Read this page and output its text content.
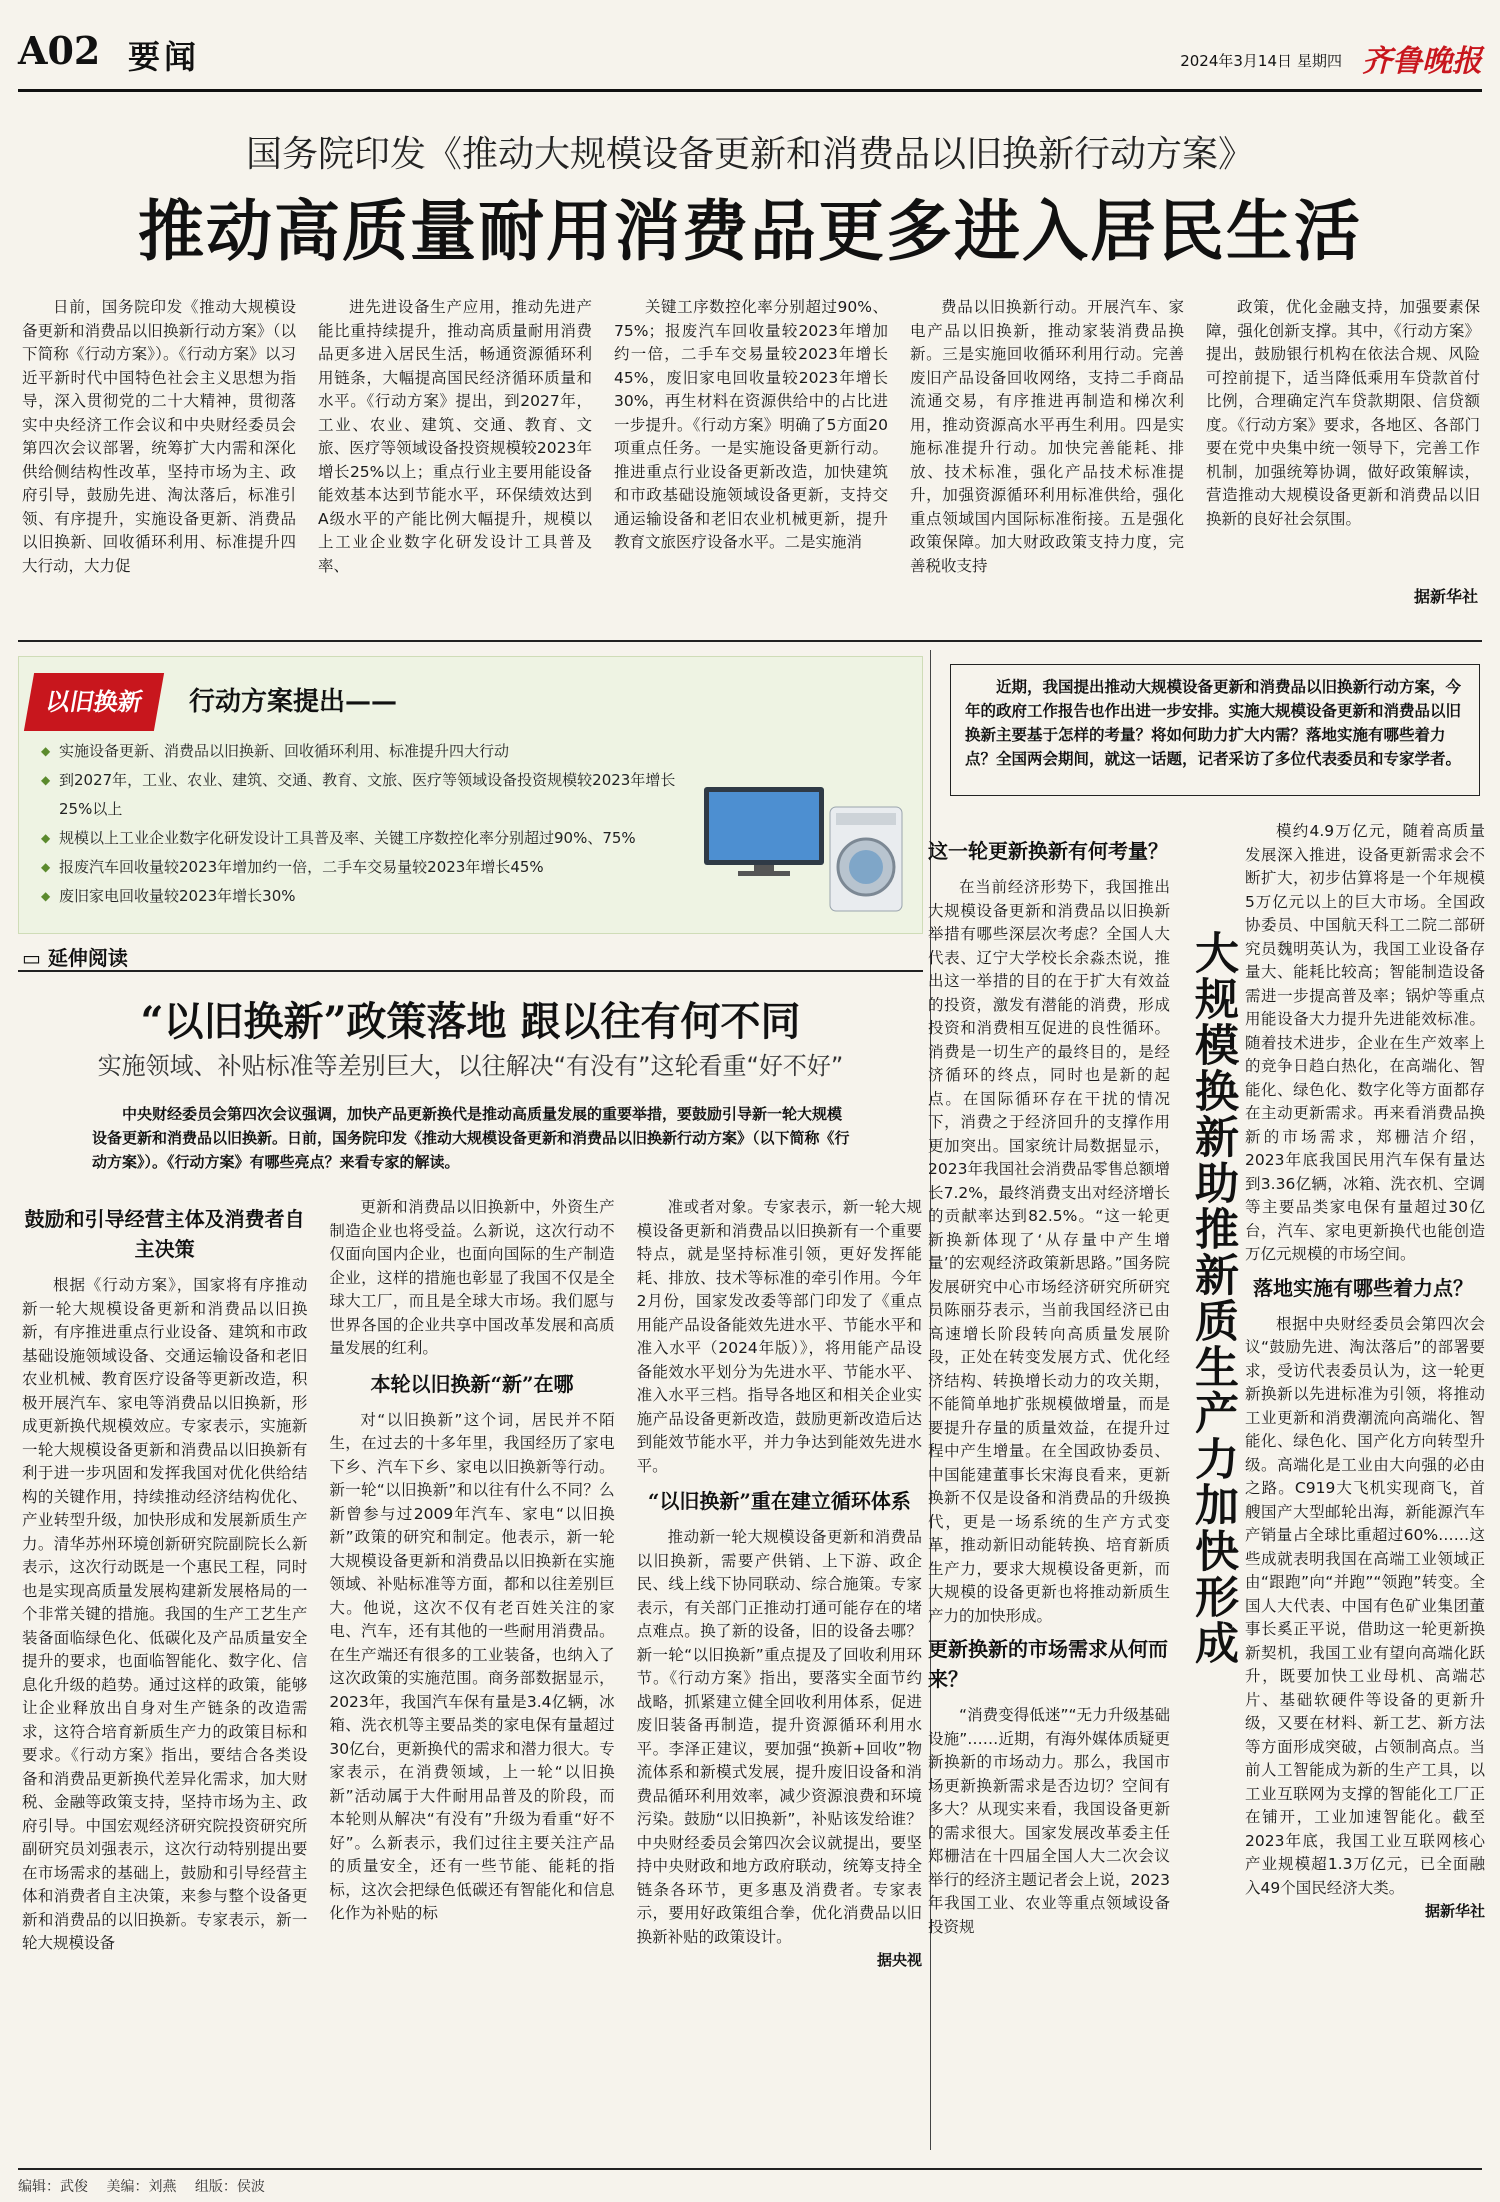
A02 要闻	2024年3月14日 星期四 齐鲁晚报
国务院印发《推动大规模设备更新和消费品以旧换新行动方案》
推动高质量耐用消费品更多进入居民生活

日前，国务院印发《推动大规模设备更新和消费品以旧换新行动方案》（以下简称《行动方案》）。《行动方案》以习近平新时代中国特色社会主义思想为指导，深入贯彻党的二十大精神，贯彻落实中央经济工作会议和中央财经委员会第四次会议部署，统筹扩大内需和深化供给侧结构性改革，坚持市场为主、政府引导，鼓励先进、淘汰落后，标准引领、有序提升，实施设备更新、消费品以旧换新、回收循环利用、标准提升四大行动，大力促

进先进设备生产应用，推动先进产能比重持续提升，推动高质量耐用消费品更多进入居民生活，畅通资源循环利用链条，大幅提高国民经济循环质量和水平。《行动方案》提出，到2027年，工业、农业、建筑、交通、教育、文旅、医疗等领域设备投资规模较2023年增长25%以上；重点行业主要用能设备能效基本达到节能水平，环保绩效达到A级水平的产能比例大幅提升，规模以上工业企业数字化研发设计工具普及率、

关键工序数控化率分别超过90%、75%；报废汽车回收量较2023年增加约一倍，二手车交易量较2023年增长45%，废旧家电回收量较2023年增长30%，再生材料在资源供给中的占比进一步提升。《行动方案》明确了5方面20项重点任务。一是实施设备更新行动。推进重点行业设备更新改造，加快建筑和市政基础设施领域设备更新，支持交通运输设备和老旧农业机械更新，提升教育文旅医疗设备水平。二是实施消

费品以旧换新行动。开展汽车、家电产品以旧换新，推动家装消费品换新。三是实施回收循环利用行动。完善废旧产品设备回收网络，支持二手商品流通交易，有序推进再制造和梯次利用，推动资源高水平再生利用。四是实施标准提升行动。加快完善能耗、排放、技术标准，强化产品技术标准提升，加强资源循环利用标准供给，强化重点领域国内国际标准衔接。五是强化政策保障。加大财政政策支持力度，完善税收支持

政策，优化金融支持，加强要素保障，强化创新支撑。其中，《行动方案》提出，鼓励银行机构在依法合规、风险可控前提下，适当降低乘用车贷款首付比例，合理确定汽车贷款期限、信贷额度。《行动方案》要求，各地区、各部门要在党中央集中统一领导下，完善工作机制，加强统筹协调，做好政策解读，营造推动大规模设备更新和消费品以旧换新的良好社会氛围。

据新华社
以旧换新	行动方案提出——
◆ 实施设备更新、消费品以旧换新、回收循环利用、标准提升四大行动
◆ 到2027年，工业、农业、建筑、交通、教育、文旅、医疗等领域设备投资规模较2023年增长25%以上
◆ 规模以上工业企业数字化研发设计工具普及率、关键工序数控化率分别超过90%、75%
◆ 报废汽车回收量较2023年增加约一倍，二手车交易量较2023年增长45%
◆ 废旧家电回收量较2023年增长30%
▭ 延伸阅读
“以旧换新”政策落地 跟以往有何不同
实施领域、补贴标准等差别巨大，以往解决“有没有”这轮看重“好不好”
中央财经委员会第四次会议强调，加快产品更新换代是推动高质量发展的重要举措，要鼓励引导新一轮大规模设备更新和消费品以旧换新。日前，国务院印发《推动大规模设备更新和消费品以旧换新行动方案》（以下简称《行动方案》）。《行动方案》有哪些亮点？来看专家的解读。
鼓励和引导经营主体及消费者自主决策

根据《行动方案》，国家将有序推动新一轮大规模设备更新和消费品以旧换新，有序推进重点行业设备、建筑和市政基础设施领域设备、交通运输设备和老旧农业机械、教育医疗设备等更新改造，积极开展汽车、家电等消费品以旧换新，形成更新换代规模效应。专家表示，实施新一轮大规模设备更新和消费品以旧换新有利于进一步巩固和发挥我国对优化供给结构的关键作用，持续推动经济结构优化、产业转型升级，加快形成和发展新质生产力。清华苏州环境创新研究院副院长么新表示，这次行动既是一个惠民工程，同时也是实现高质量发展构建新发展格局的一个非常关键的措施。我国的生产工艺生产装备面临绿色化、低碳化及产品质量安全提升的要求，也面临智能化、数字化、信息化升级的趋势。通过这样的政策，能够让企业释放出自身对生产链条的改造需求，这符合培育新质生产力的政策目标和要求。《行动方案》指出，要结合各类设备和消费品更新换代差异化需求，加大财税、金融等政策支持，坚持市场为主、政府引导。中国宏观经济研究院投资研究所副研究员刘强表示，这次行动特别提出要在市场需求的基础上，鼓励和引导经营主体和消费者自主决策，来参与整个设备更新和消费品的以旧换新。专家表示，新一轮大规模设备

更新和消费品以旧换新中，外资生产制造企业也将受益。么新说，这次行动不仅面向国内企业，也面向国际的生产制造企业，这样的措施也彰显了我国不仅是全球大工厂，而且是全球大市场。我们愿与世界各国的企业共享中国改革发展和高质量发展的红利。

本轮以旧换新“新”在哪

对“以旧换新”这个词，居民并不陌生，在过去的十多年里，我国经历了家电下乡、汽车下乡、家电以旧换新等行动。新一轮“以旧换新”和以往有什么不同？么新曾参与过2009年汽车、家电“以旧换新”政策的研究和制定。他表示，新一轮大规模设备更新和消费品以旧换新在实施领域、补贴标准等方面，都和以往差别巨大。他说，这次不仅有老百姓关注的家电、汽车，还有其他的一些耐用消费品。在生产端还有很多的工业装备，也纳入了这次政策的实施范围。商务部数据显示，2023年，我国汽车保有量是3.4亿辆，冰箱、洗衣机等主要品类的家电保有量超过30亿台，更新换代的需求和潜力很大。专家表示，在消费领域，上一轮“以旧换新”活动属于大件耐用品普及的阶段，而本轮则从解决“有没有”升级为看重“好不好”。么新表示，我们过往主要关注产品的质量安全，还有一些节能、能耗的指标，这次会把绿色低碳还有智能化和信息化作为补贴的标

准或者对象。专家表示，新一轮大规模设备更新和消费品以旧换新有一个重要特点，就是坚持标准引领，更好发挥能耗、排放、技术等标准的牵引作用。今年2月份，国家发改委等部门印发了《重点用能产品设备能效先进水平、节能水平和准入水平（2024年版）》，将用能产品设备能效水平划分为先进水平、节能水平、准入水平三档。指导各地区和相关企业实施产品设备更新改造，鼓励更新改造后达到能效节能水平，并力争达到能效先进水平。

“以旧换新”重在建立循环体系

推动新一轮大规模设备更新和消费品以旧换新，需要产供销、上下游、政企民、线上线下协同联动、综合施策。专家表示，有关部门正推动打通可能存在的堵点难点。换了新的设备，旧的设备去哪？新一轮“以旧换新”重点提及了回收利用环节。《行动方案》指出，要落实全面节约战略，抓紧建立健全回收利用体系，促进废旧装备再制造，提升资源循环利用水平。李泽正建议，要加强“换新+回收”物流体系和新模式发展，提升废旧设备和消费品循环利用效率，减少资源浪费和环境污染。鼓励“以旧换新”，补贴该发给谁？中央财经委员会第四次会议就提出，要坚持中央财政和地方政府联动，统筹支持全链条各环节，更多惠及消费者。专家表示，要用好政策组合拳，优化消费品以旧换新补贴的政策设计。

据央视
近期，我国提出推动大规模设备更新和消费品以旧换新行动方案，今年的政府工作报告也作出进一步安排。实施大规模设备更新和消费品以旧换新主要基于怎样的考量？将如何助力扩大内需？落地实施有哪些着力点？全国两会期间，就这一话题，记者采访了多位代表委员和专家学者。
这一轮更新换新有何考量？

在当前经济形势下，我国推出大规模设备更新和消费品以旧换新举措有哪些深层次考虑？全国人大代表、辽宁大学校长余淼杰说，推出这一举措的目的在于扩大有效益的投资，激发有潜能的消费，形成投资和消费相互促进的良性循环。消费是一切生产的最终目的，是经济循环的终点，同时也是新的起点。在国际循环存在干扰的情况下，消费之于经济回升的支撑作用更加突出。国家统计局数据显示，2023年我国社会消费品零售总额增长7.2%，最终消费支出对经济增长的贡献率达到82.5%。“这一轮更新换新体现了‘从存量中产生增量’的宏观经济政策新思路。”国务院发展研究中心市场经济研究所研究员陈丽芬表示，当前我国经济已由高速增长阶段转向高质量发展阶段，正处在转变发展方式、优化经济结构、转换增长动力的攻关期，不能简单地扩张规模做增量，而是要提升存量的质量效益，在提升过程中产生增量。在全国政协委员、中国能建董事长宋海良看来，更新换新不仅是设备和消费品的升级换代，更是一场系统的生产方式变革，推动新旧动能转换、培育新质生产力，要求大规模设备更新，而大规模的设备更新也将推动新质生产力的加快形成。

更新换新的市场需求从何而来？

“消费变得低迷”“无力升级基础设施”……近期，有海外媒体质疑更新换新的市场动力。那么，我国市场更新换新需求是否边切？空间有多大？从现实来看，我国设备更新的需求很大。国家发展改革委主任郑栅洁在十四届全国人大二次会议举行的经济主题记者会上说，2023年我国工业、农业等重点领域设备投资规

大规模换新助推新质生产力加快形成

模约4.9万亿元，随着高质量发展深入推进，设备更新需求会不断扩大，初步估算将是一个年规模5万亿元以上的巨大市场。全国政协委员、中国航天科工二院二部研究员魏明英认为，我国工业设备存量大、能耗比较高；智能制造设备需进一步提高普及率；锅炉等重点用能设备大力提升先进能效标准。随着技术进步，企业在生产效率上的竞争日趋白热化，在高端化、智能化、绿色化、数字化等方面都存在主动更新需求。再来看消费品换新的市场需求，郑栅洁介绍，2023年底我国民用汽车保有量达到3.36亿辆，冰箱、洗衣机、空调等主要品类家电保有量超过30亿台，汽车、家电更新换代也能创造万亿元规模的市场空间。

落地实施有哪些着力点？

根据中央财经委员会第四次会议“鼓励先进、淘汰落后”的部署要求，受访代表委员认为，这一轮更新换新以先进标准为引领，将推动工业更新和消费潮流向高端化、智能化、绿色化、国产化方向转型升级。高端化是工业由大向强的必由之路。C919大飞机实现商飞，首艘国产大型邮轮出海，新能源汽车产销量占全球比重超过60%……这些成就表明我国在高端工业领域正由“跟跑”向“并跑”“领跑”转变。全国人大代表、中国有色矿业集团董事长奚正平说，借助这一轮更新换新契机，我国工业有望向高端化跃升，既要加快工业母机、高端芯片、基础软硬件等设备的更新升级，又要在材料、新工艺、新方法等方面形成突破，占领制高点。当前人工智能成为新的生产工具，以工业互联网为支撑的智能化工厂正在铺开，工业加速智能化。截至2023年底，我国工业互联网核心产业规模超1.3万亿元，已全面融入49个国民经济大类。

据新华社
编辑：武俊 美编：刘燕 组版：侯波
